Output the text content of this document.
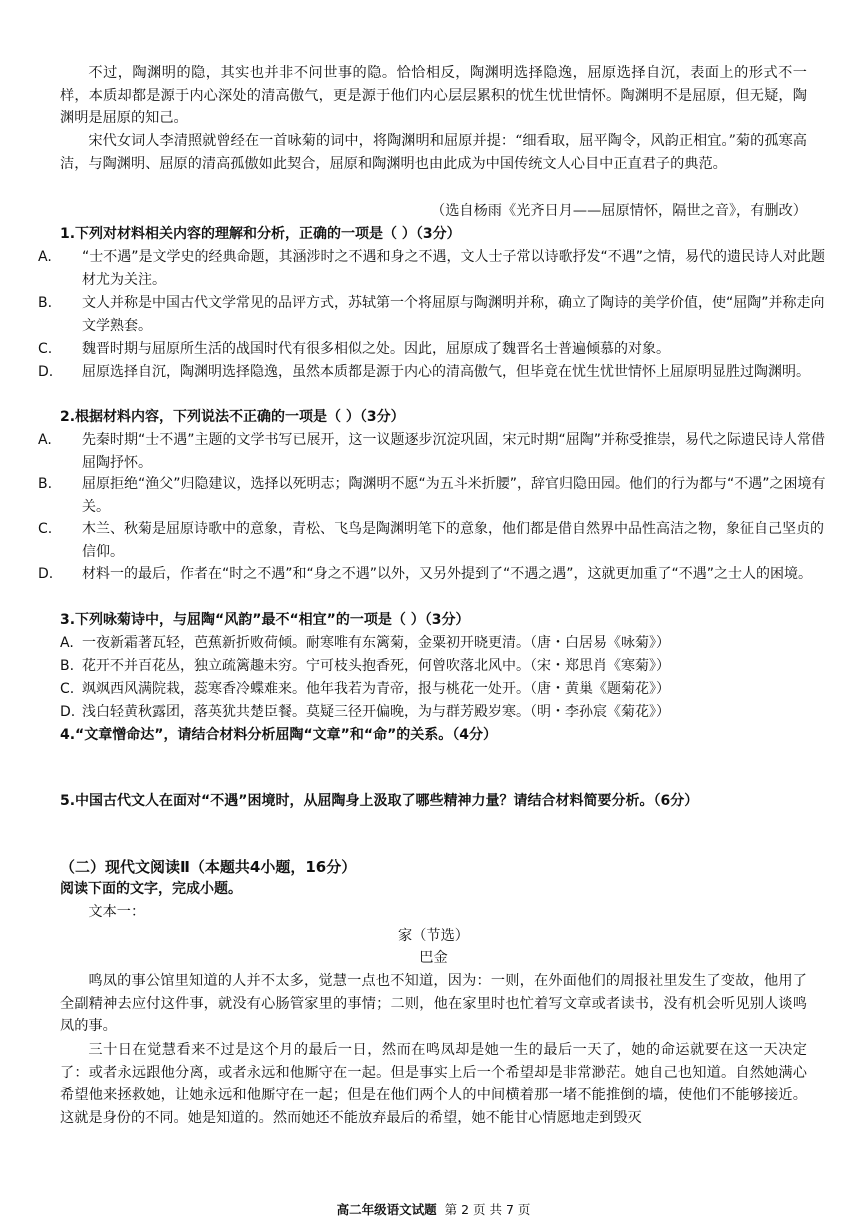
不过，陶渊明的隐，其实也并非不问世事的隐。恰恰相反，陶渊明选择隐逸，屈原选择自沉，表面上的形式不一样，本质却都是源于内心深处的清高傲气，更是源于他们内心层层累积的忧生忧世情怀。陶渊明不是屈原，但无疑，陶渊明是屈原的知己。

宋代女词人李清照就曾经在一首咏菊的词中，将陶渊明和屈原并提：“细看取，屈平陶令，风韵正相宜。”菊的孤寒高洁，与陶渊明、屈原的清高孤傲如此契合，屈原和陶渊明也由此成为中国传统文人心目中正直君子的典范。

（选自杨雨《光齐日月——屈原情怀，隔世之音》，有删改）

1.下列对材料相关内容的理解和分析，正确的一项是（ ）（3分）

A. “士不遇”是文学史的经典命题，其涵涉时之不遇和身之不遇，文人士子常以诗歌抒发“不遇”之情，易代的遗民诗人对此题材尤为关注。

B. 文人并称是中国古代文学常见的品评方式，苏轼第一个将屈原与陶渊明并称，确立了陶诗的美学价值，使“屈陶”并称走向文学熟套。

C. 魏晋时期与屈原所生活的战国时代有很多相似之处。因此，屈原成了魏晋名士普遍倾慕的对象。

D. 屈原选择自沉，陶渊明选择隐逸，虽然本质都是源于内心的清高傲气，但毕竟在忧生忧世情怀上屈原明显胜过陶渊明。

2.根据材料内容，下列说法不正确的一项是（ ）（3分）

A. 先秦时期“士不遇”主题的文学书写已展开，这一议题逐步沉淀巩固，宋元时期“屈陶”并称受推崇，易代之际遗民诗人常借屈陶抒怀。

B. 屈原拒绝“渔父”归隐建议，选择以死明志；陶渊明不愿“为五斗米折腰”，辞官归隐田园。他们的行为都与“不遇”之困境有关。

C. 木兰、秋菊是屈原诗歌中的意象，青松、飞鸟是陶渊明笔下的意象，他们都是借自然界中品性高洁之物，象征自己坚贞的信仰。

D. 材料一的最后，作者在“时之不遇”和“身之不遇”以外，又另外提到了“不遇之遇”，这就更加重了“不遇”之士人的困境。

3.下列咏菊诗中，与屈陶“风韵”最不“相宜”的一项是（ ）（3分）

A. 一夜新霜著瓦轻，芭蕉新折败荷倾。耐寒唯有东篱菊，金粟初开晓更清。（唐・白居易《咏菊》）

B. 花开不并百花丛，独立疏篱趣未穷。宁可枝头抱香死，何曾吹落北风中。（宋・郑思肖《寒菊》）

C. 飒飒西风满院栽，蕊寒香冷蝶难来。他年我若为青帝，报与桃花一处开。（唐・黄巢《题菊花》）

D. 浅白轻黄秋露团，落英犹共楚臣餐。莫疑三径开偏晚，为与群芳殿岁寒。（明・李孙宸《菊花》）

4.“文章憎命达”，请结合材料分析屈陶“文章”和“命”的关系。（4分）

5.中国古代文人在面对“不遇”困境时，从屈陶身上汲取了哪些精神力量？请结合材料简要分析。（6分）

（二）现代文阅读Ⅱ（本题共4小题，16分）

阅读下面的文字，完成小题。

文本一：

家（节选）

巴金

鸣凤的事公馆里知道的人并不太多，觉慧一点也不知道，因为：一则，在外面他们的周报社里发生了变故，他用了全副精神去应付这件事，就没有心肠管家里的事情；二则，他在家里时也忙着写文章或者读书，没有机会听见别人谈鸣凤的事。

三十日在觉慧看来不过是这个月的最后一日，然而在鸣凤却是她一生的最后一天了，她的命运就要在这一天决定了：或者永远跟他分离，或者永远和他厮守在一起。但是事实上后一个希望却是非常渺茫。她自己也知道。自然她满心希望他来拯救她，让她永远和他厮守在一起；但是在他们两个人的中间横着那一堵不能推倒的墙，使他们不能够接近。这就是身份的不同。她是知道的。然而她还不能放弃最后的希望，她不能甘心情愿地走到毁灭

高二年级语文试题 第 2 页 共 7 页
